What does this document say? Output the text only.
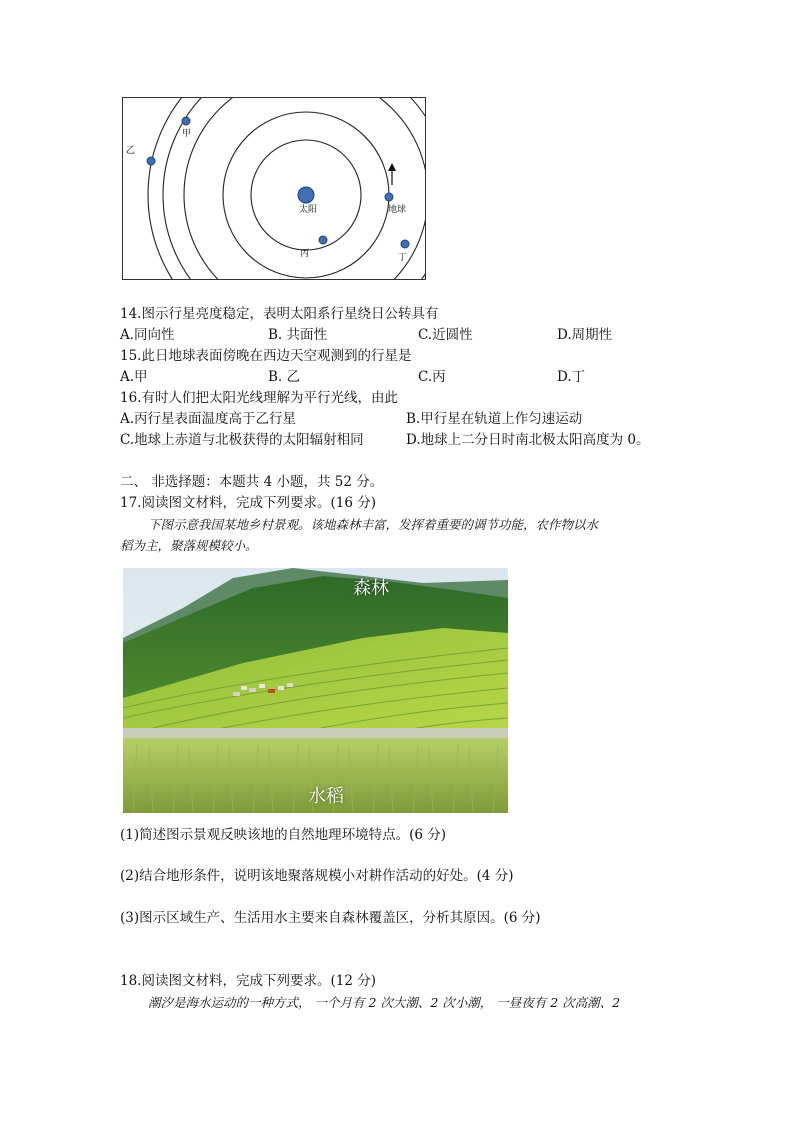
太阳	地球
甲
乙
丙	丁
14.图示行星亮度稳定，表明太阳系行星绕日公转具有
A.同向性	B. 共面性	C.近圆性	D.周期性
15.此日地球表面傍晚在西边天空观测到的行星是
A.甲	B. 乙	C.丙	D.丁
16.有时人们把太阳光线理解为平行光线，由此
A.丙行星表面温度高于乙行星	B.甲行星在轨道上作匀速运动
C.地球上赤道与北极获得的太阳辐射相同	D.地球上二分日时南北极太阳高度为 0。
二、 非选择题：本题共 4 小题，共 52 分。
17.阅读图文材料，完成下列要求。(16 分)
下图示意我国某地乡村景观。该地森林丰富，发挥着重要的调节功能，农作物以水
稻为主，聚落规模较小。
森林
水稻
(1)简述图示景观反映该地的自然地理环境特点。(6 分)
(2)结合地形条件，说明该地聚落规模小对耕作活动的好处。(4 分)
(3)图示区域生产、生活用水主要来自森林覆盖区，分析其原因。(6 分)
18.阅读图文材料，完成下列要求。(12 分)
潮汐是海水运动的一种方式， 一个月有 2 次大潮、2 次小潮， 一昼夜有 2 次高潮、2
